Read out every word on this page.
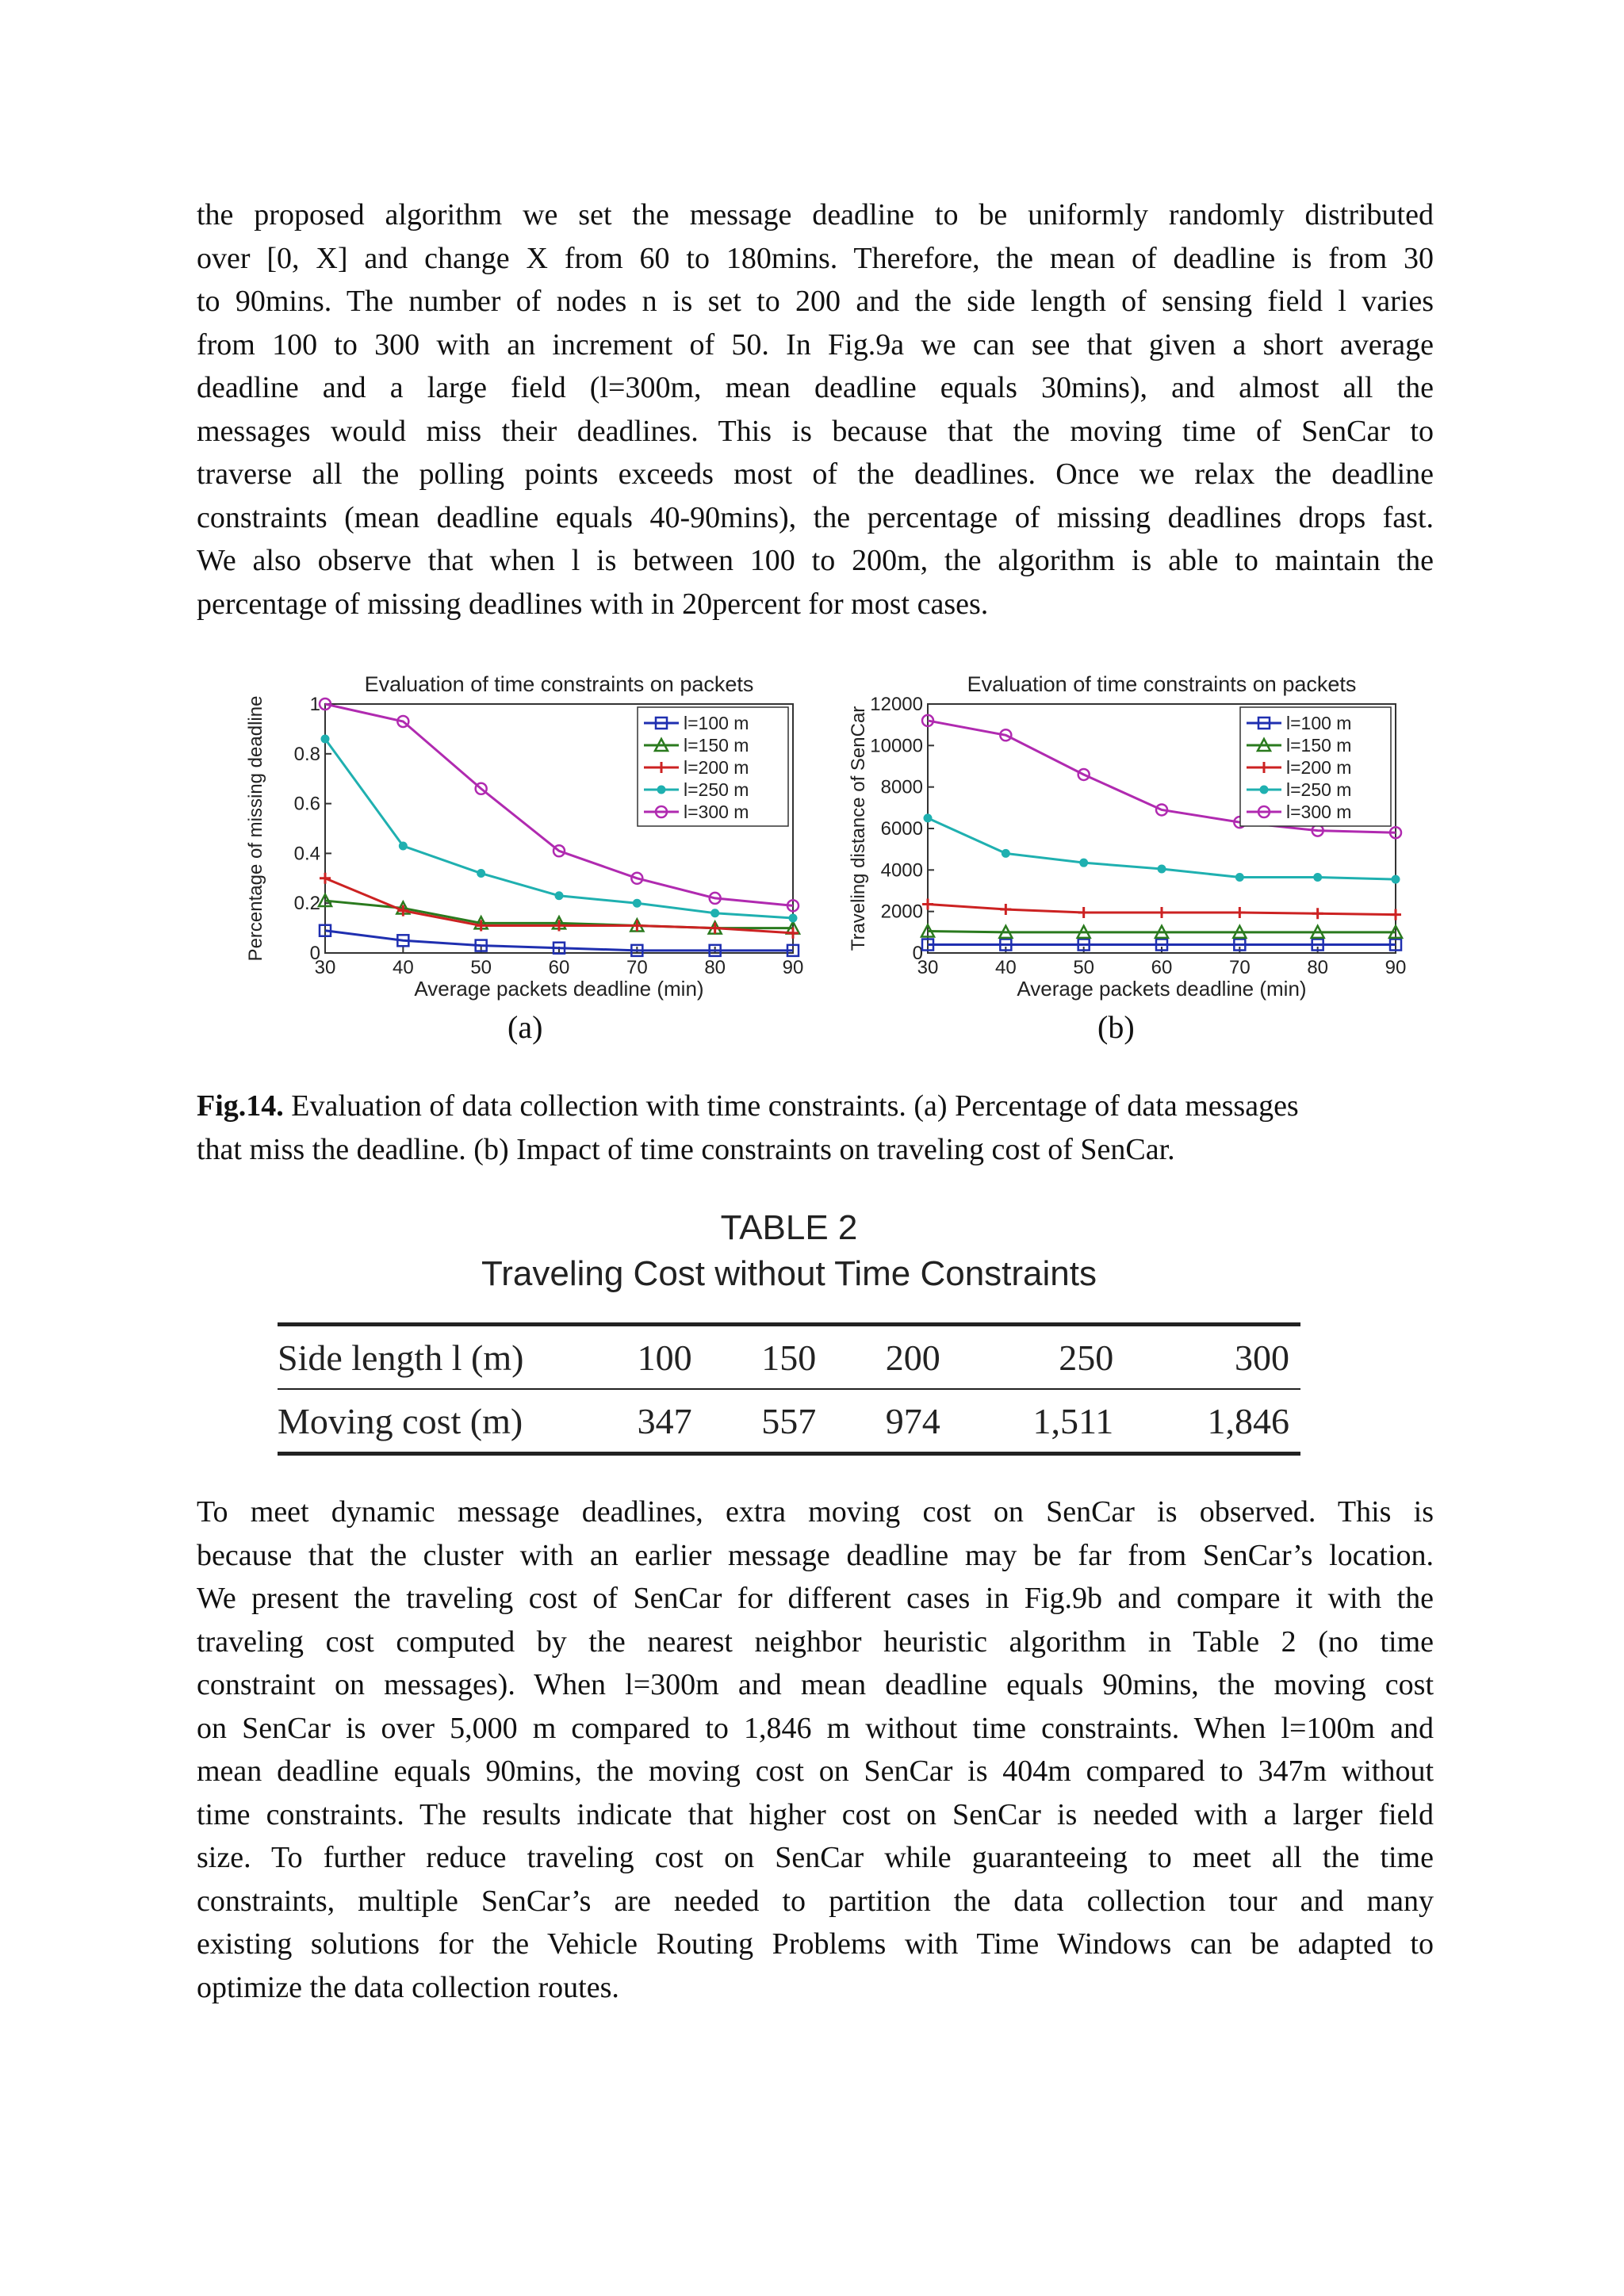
the proposed algorithm we set the message deadline to be uniformly randomly distributed
over [0, X] and change X from 60 to 180mins. Therefore, the mean of deadline is from 30
to 90mins. The number of nodes n is set to 200 and the side length of sensing field l varies
from 100 to 300 with an increment of 50. In Fig.9a we can see that given a short average
deadline and a large field (l=300m, mean deadline equals 30mins), and almost all the
messages would miss their deadlines. This is because that the moving time of SenCar to
traverse all the polling points exceeds most of the deadlines. Once we relax the deadline
constraints (mean deadline equals 40-90mins), the percentage of missing deadlines drops fast.
We also observe that when l is between 100 to 200m, the algorithm is able to maintain the
percentage of missing deadlines with in 20percent for most cases.
Evaluation of time constraints on packets
30	40	50	60	70	80	90
0
0.2
0.4
0.6
0.8
1
Average packets deadline (min)
Percentage of missing deadline	l=100 m
l=150 m
l=200 m
l=250 m
l=300 m
Evaluation of time constraints on packets
30	40	50	60	70	80	90
0
2000
4000
6000
8000
10000
12000
Average packets deadline (min)
Traveling distance of SenCar	l=100 m
l=150 m
l=200 m
l=250 m
l=300 m
(a)	(b)
Fig.14. Evaluation of data collection with time constraints. (a) Percentage of data messages
that miss the deadline. (b) Impact of time constraints on traveling cost of SenCar.
TABLE 2
Traveling Cost without Time Constraints
Side length l (m)	100	150	200	250	300
Moving cost (m)	347	557	974	1,511	1,846
To meet dynamic message deadlines, extra moving cost on SenCar is observed. This is
because that the cluster with an earlier message deadline may be far from SenCar’s location.
We present the traveling cost of SenCar for different cases in Fig.9b and compare it with the
traveling cost computed by the nearest neighbor heuristic algorithm in Table 2 (no time
constraint on messages). When l=300m and mean deadline equals 90mins, the moving cost
on SenCar is over 5,000 m compared to 1,846 m without time constraints. When l=100m and
mean deadline equals 90mins, the moving cost on SenCar is 404m compared to 347m without
time constraints. The results indicate that higher cost on SenCar is needed with a larger field
size. To further reduce traveling cost on SenCar while guaranteeing to meet all the time
constraints, multiple SenCar’s are needed to partition the data collection tour and many
existing solutions for the Vehicle Routing Problems with Time Windows can be adapted to
optimize the data collection routes.
